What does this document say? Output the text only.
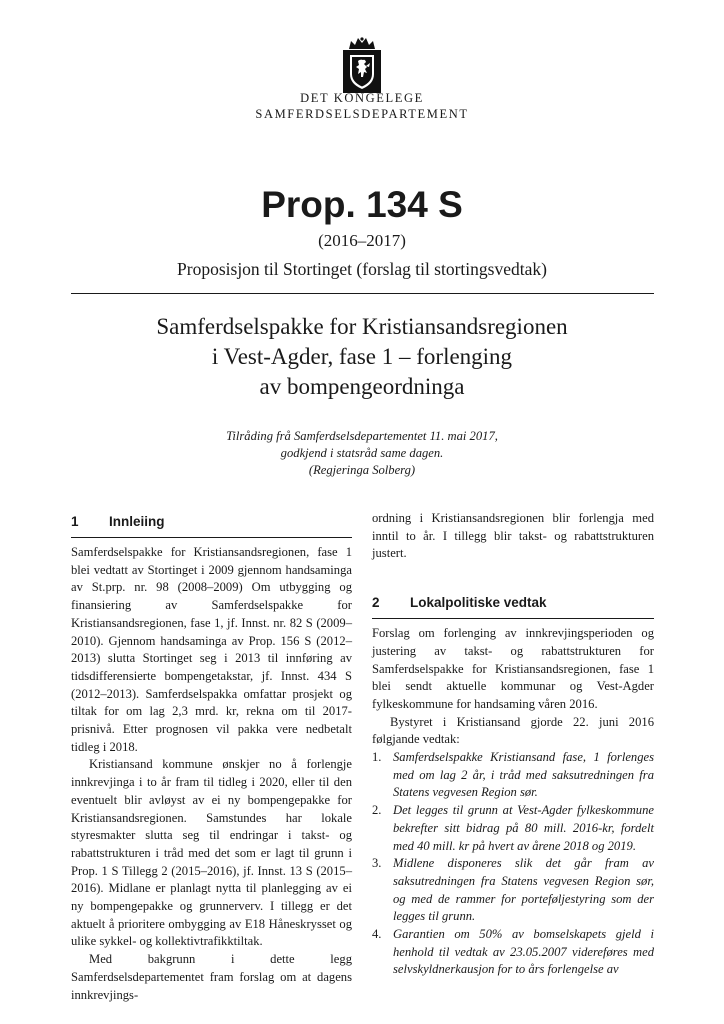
DET KONGELEGE
SAMFERDSELSDEPARTEMENT
Prop. 134 S
(2016–2017)
Proposisjon til Stortinget (forslag til stortingsvedtak)
Samferdselspakke for Kristiansandsregionen
i Vest-Agder, fase 1 – forlenging
av bompengeordninga
Tilråding frå Samferdselsdepartementet 11. mai 2017,
godkjend i statsråd same dagen.
(Regjeringa Solberg)
1	Innleiing

Samferdselspakke for Kristiansandsregionen, fase 1 blei vedtatt av Stortinget i 2009 gjennom handsaminga av St.prp. nr. 98 (2008–2009) Om utbygging og finansiering av Samferdselspakke for Kristiansandsregionen, fase 1, jf. Innst. nr. 82 S (2009–2010). Gjennom handsaminga av Prop. 156 S (2012–2013) slutta Stortinget seg i 2013 til innføring av tidsdifferensierte bompengetakstar, jf. Innst. 434 S (2012–2013). Samferdselspakka omfattar prosjekt og tiltak for om lag 2,3 mrd. kr, rekna om til 2017-prisnivå. Etter prognosen vil pakka vere nedbetalt tidleg i 2018.

Kristiansand kommune ønskjer no å forlengje innkrevjinga i to år fram til tidleg i 2020, eller til den eventuelt blir avløyst av ei ny bompengepakke for Kristiansandsregionen. Samstundes har lokale styresmakter slutta seg til endringar i takst- og rabattstrukturen i tråd med det som er lagt til grunn i Prop. 1 S Tillegg 2 (2015–2016), jf. Innst. 13 S (2015–2016). Midlane er planlagt nytta til planlegging av ei ny bompengepakke og grunnerverv. I tillegg er det aktuelt å prioritere ombygging av E18 Håneskrysset og ulike sykkel- og kollektivtrafikktiltak.

Med bakgrunn i dette legg Samferdselsdepartementet fram forslag om at dagens innkrevjings-

ordning i Kristiansandsregionen blir forlengja med inntil to år. I tillegg blir takst- og rabattstrukturen justert.

2	Lokalpolitiske vedtak

Forslag om forlenging av innkrevjingsperioden og justering av takst- og rabattstrukturen for Samferdselspakke for Kristiansandsregionen, fase 1 blei sendt aktuelle kommunar og Vest-Agder fylkeskommune for handsaming våren 2016.

Bystyret i Kristiansand gjorde 22. juni 2016 følgjande vedtak:

1. Samferdselspakke Kristiansand fase, 1 forlenges med om lag 2 år, i tråd med saksutredningen fra Statens vegvesen Region sør.
2. Det legges til grunn at Vest-Agder fylkeskommune bekrefter sitt bidrag på 80 mill. 2016-kr, fordelt med 40 mill. kr på hvert av årene 2018 og 2019.
3. Midlene disponeres slik det går fram av saksutredningen fra Statens vegvesen Region sør, og med de rammer for porteføljestyring som der legges til grunn.
4. Garantien om 50% av bomselskapets gjeld i henhold til vedtak av 23.05.2007 videreføres med selvskyldnerkausjon for to års forlengelse av
